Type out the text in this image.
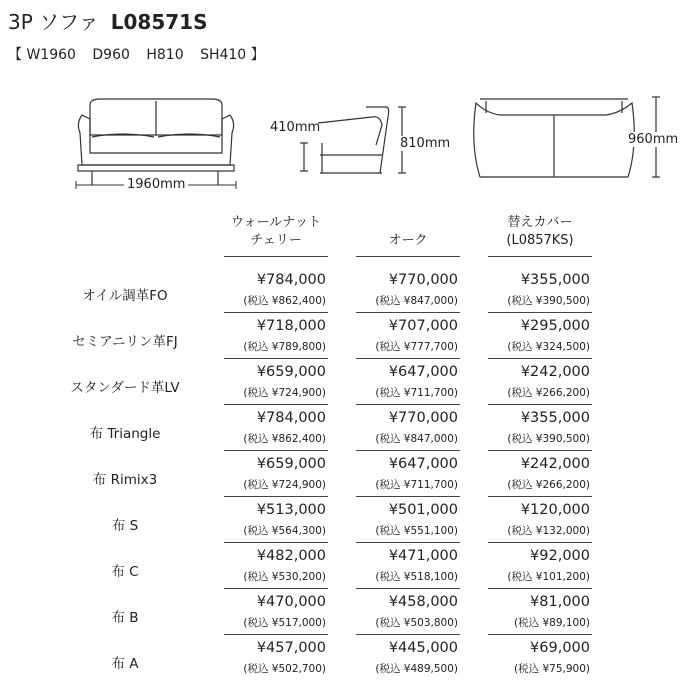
3P ソファ L08571S
【 W1960 D960 H810 SH410 】
1960mm
410mm
810mm	960mm
ウォールナット
チェリー	オーク
替えカバー
(L0857KS)
オイル調革FO
¥784,000
(税込 ¥862,400)
¥770,000
(税込 ¥847,000)
¥355,000
(税込 ¥390,500)
セミアニリン革FJ
¥718,000
(税込 ¥789,800)
¥707,000
(税込 ¥777,700)
¥295,000
(税込 ¥324,500)
スタンダード革LV
¥659,000
(税込 ¥724,900)
¥647,000
(税込 ¥711,700)
¥242,000
(税込 ¥266,200)
布 Triangle
¥784,000
(税込 ¥862,400)
¥770,000
(税込 ¥847,000)
¥355,000
(税込 ¥390,500)
布 Rimix3
¥659,000
(税込 ¥724,900)
¥647,000
(税込 ¥711,700)
¥242,000
(税込 ¥266,200)
布 S
¥513,000
(税込 ¥564,300)
¥501,000
(税込 ¥551,100)
¥120,000
(税込 ¥132,000)
布 C
¥482,000
(税込 ¥530,200)
¥471,000
(税込 ¥518,100)
¥92,000
(税込 ¥101,200)
布 B
¥470,000
(税込 ¥517,000)
¥458,000
(税込 ¥503,800)
¥81,000
(税込 ¥89,100)
布 A
¥457,000
(税込 ¥502,700)
¥445,000
(税込 ¥489,500)
¥69,000
(税込 ¥75,900)
